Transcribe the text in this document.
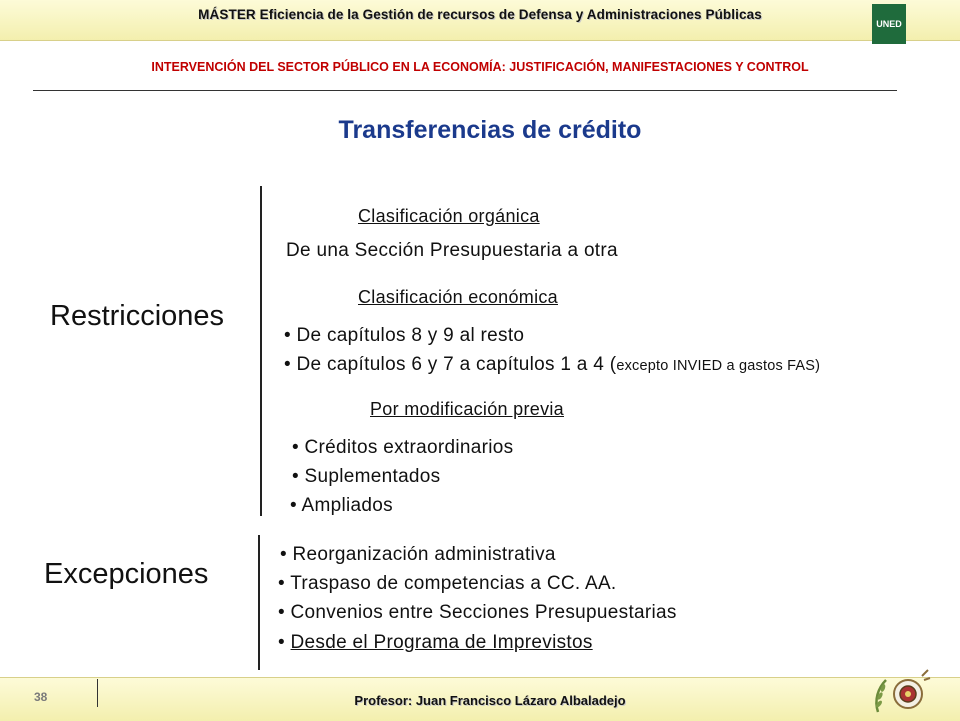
MÁSTER Eficiencia de la Gestión de recursos de Defensa y Administraciones Públicas
UNED
INTERVENCIÓN DEL SECTOR PÚBLICO EN LA ECONOMÍA: JUSTIFICACIÓN, MANIFESTACIONES Y CONTROL
Transferencias de crédito
Restricciones
Clasificación orgánica
De una Sección Presupuestaria a otra
Clasificación económica
• De capítulos 8 y 9 al resto
• De capítulos 6 y 7 a capítulos 1 a 4 (excepto INVIED a gastos FAS)
Por modificación previa
• Créditos extraordinarios
• Suplementados
• Ampliados
Excepciones
• Reorganización administrativa
• Traspaso de competencias a CC. AA.
• Convenios entre Secciones Presupuestarias
• Desde el Programa de Imprevistos
38	Profesor: Juan Francisco Lázaro Albaladejo
